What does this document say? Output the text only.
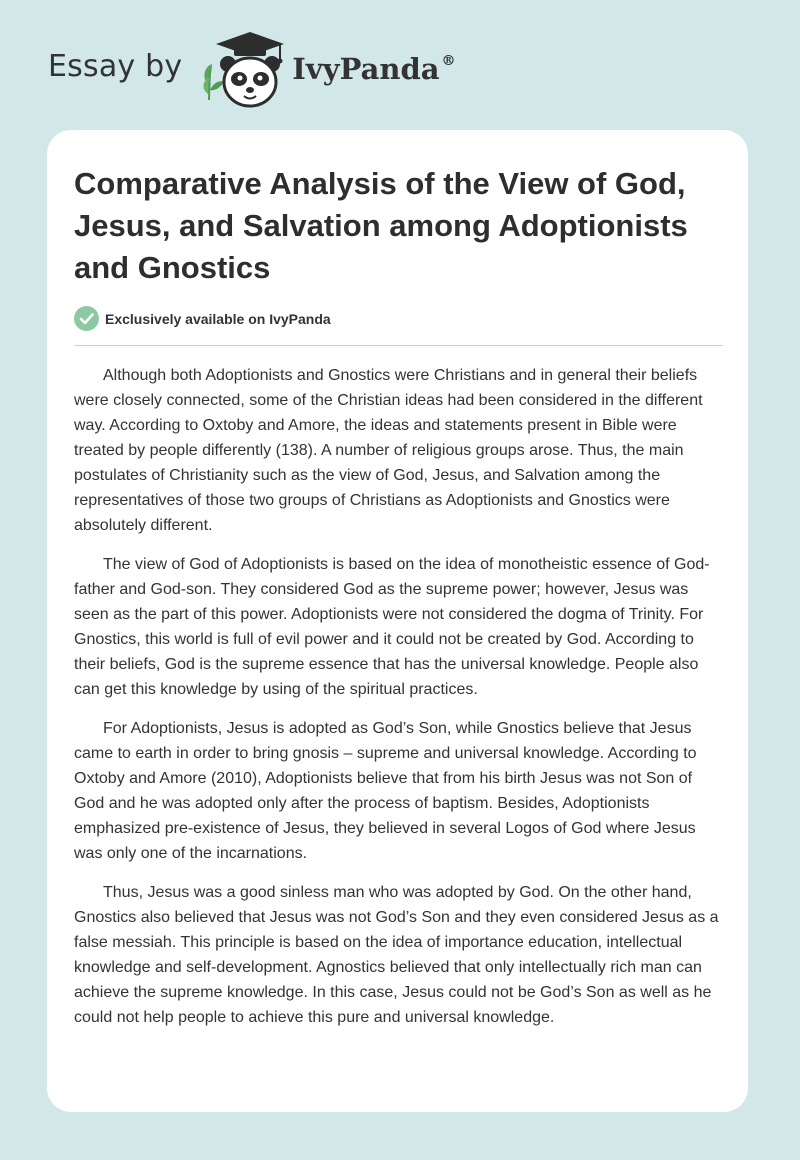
Essay by	IvyPanda ®
Comparative Analysis of the View of God, Jesus, and Salvation among Adoptionists and Gnostics
Exclusively available on IvyPanda

Although both Adoptionists and Gnostics were Christians and in general their beliefs were closely connected, some of the Christian ideas had been considered in the different way. According to Oxtoby and Amore, the ideas and statements present in Bible were treated by people differently (138). A number of religious groups arose. Thus, the main postulates of Christianity such as the view of God, Jesus, and Salvation among the representatives of those two groups of Christians as Adoptionists and Gnostics were absolutely different.

The view of God of Adoptionists is based on the idea of monotheistic essence of God-father and God-son. They considered God as the supreme power; however, Jesus was seen as the part of this power. Adoptionists were not considered the dogma of Trinity. For Gnostics, this world is full of evil power and it could not be created by God. According to their beliefs, God is the supreme essence that has the universal knowledge. People also can get this knowledge by using of the spiritual practices.

For Adoptionists, Jesus is adopted as God’s Son, while Gnostics believe that Jesus came to earth in order to bring gnosis – supreme and universal knowledge. According to Oxtoby and Amore (2010), Adoptionists believe that from his birth Jesus was not Son of God and he was adopted only after the process of baptism. Besides, Adoptionists emphasized pre-existence of Jesus, they believed in several Logos of God where Jesus was only one of the incarnations.

Thus, Jesus was a good sinless man who was adopted by God. On the other hand, Gnostics also believed that Jesus was not God’s Son and they even considered Jesus as a false messiah. This principle is based on the idea of importance education, intellectual knowledge and self-development. Agnostics believed that only intellectually rich man can achieve the supreme knowledge. In this case, Jesus could not be God’s Son as well as he could not help people to achieve this pure and universal knowledge.
